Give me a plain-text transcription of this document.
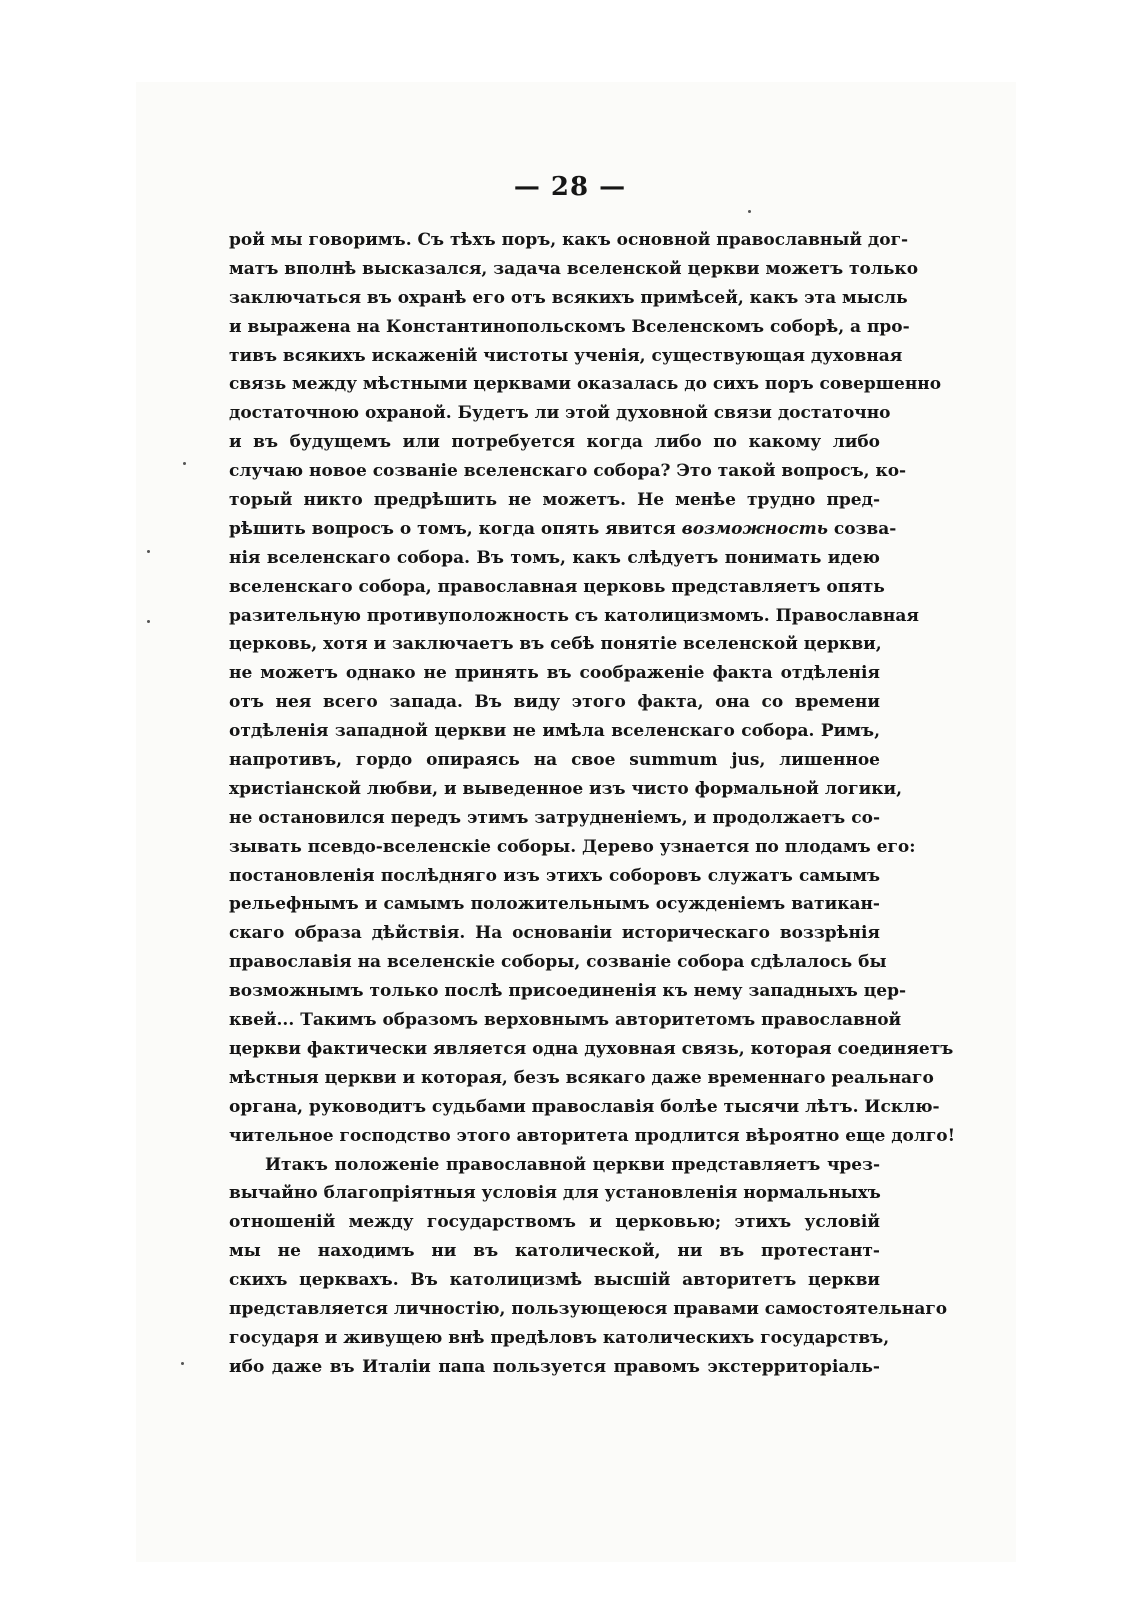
— 28 —
рой мы говоримъ. Съ тѣхъ поръ, какъ основной православный дог-
матъ вполнѣ высказался, задача вселенской церкви можетъ только
заключаться въ охранѣ его отъ всякихъ примѣсей, какъ эта мысль
и выражена на Константинопольскомъ Вселенскомъ соборѣ, а про-
тивъ всякихъ искаженій чистоты ученія, существующая духовная
связь между мѣстными церквами оказалась до сихъ поръ совершенно
достаточною охраной. Будетъ ли этой духовной связи достаточно
и въ будущемъ или потребуется когда либо по какому либо
случаю новое созваніе вселенскаго собора? Это такой вопросъ, ко-
торый никто предрѣшить не можетъ. Не менѣе трудно пред-
рѣшить вопросъ о томъ, когда опять явится возможность созва-
нія вселенскаго собора. Въ томъ, какъ слѣдуетъ понимать идею
вселенскаго собора, православная церковь представляетъ опять
разительную противуположность съ католицизмомъ. Православная
церковь, хотя и заключаетъ въ себѣ понятіе вселенской церкви,
не можетъ однако не принять въ соображеніе факта отдѣленія
отъ нея всего запада. Въ виду этого факта, она со времени
отдѣленія западной церкви не имѣла вселенскаго собора. Римъ,
напротивъ, гордо опираясь на свое summum jus, лишенное
христіанской любви, и выведенное изъ чисто формальной логики,
не остановился передъ этимъ затрудненіемъ, и продолжаетъ со-
зывать псевдо-вселенскіе соборы. Дерево узнается по плодамъ его:
постановленія послѣдняго изъ этихъ соборовъ служатъ самымъ
рельефнымъ и самымъ положительнымъ осужденіемъ ватикан-
скаго образа дѣйствія. На основаніи историческаго воззрѣнія
православія на вселенскіе соборы, созваніе собора сдѣлалось бы
возможнымъ только послѣ присоединенія къ нему западныхъ цер-
квей... Такимъ образомъ верховнымъ авторитетомъ православной
церкви фактически является одна духовная связь, которая соединяетъ
мѣстныя церкви и которая, безъ всякаго даже временнаго реальнаго
органа, руководитъ судьбами православія болѣе тысячи лѣтъ. Исклю-
чительное господство этого авторитета продлится вѣроятно еще долго!
Итакъ положеніе православной церкви представляетъ чрез-
вычайно благопріятныя условія для установленія нормальныхъ
отношеній между государствомъ и церковью; этихъ условій
мы не находимъ ни въ католической, ни въ протестант-
скихъ церквахъ. Въ католицизмѣ высшій авторитетъ церкви
представляется личностію, пользующеюся правами самостоятельнаго
государя и живущею внѣ предѣловъ католическихъ государствъ,
ибо даже въ Италіи папа пользуется правомъ экстерриторіаль-
